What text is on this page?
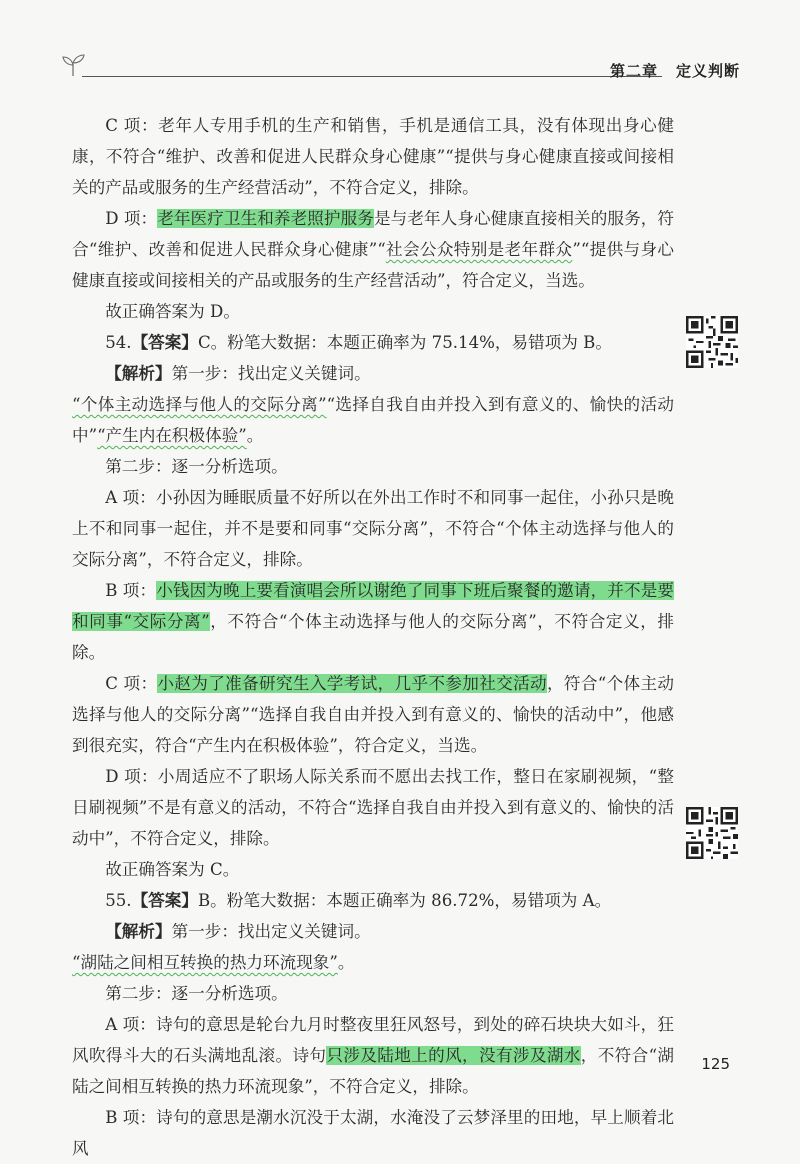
第二章 定义判断

C 项：老年人专用手机的生产和销售，手机是通信工具，没有体现出身心健康，不符合“维护、改善和促进人民群众身心健康”“提供与身心健康直接或间接相关的产品或服务的生产经营活动”，不符合定义，排除。

D 项：老年医疗卫生和养老照护服务是与老年人身心健康直接相关的服务，符合“维护、改善和促进人民群众身心健康”“社会公众特别是老年群众”“提供与身心健康直接或间接相关的产品或服务的生产经营活动”，符合定义，当选。

故正确答案为 D。

54.【答案】C。粉笔大数据：本题正确率为 75.14%，易错项为 B。

【解析】第一步：找出定义关键词。

“个体主动选择与他人的交际分离”“选择自我自由并投入到有意义的、愉快的活动中”“产生内在积极体验”。

第二步：逐一分析选项。

A 项：小孙因为睡眠质量不好所以在外出工作时不和同事一起住，小孙只是晚上不和同事一起住，并不是要和同事“交际分离”，不符合“个体主动选择与他人的交际分离”，不符合定义，排除。

B 项：小钱因为晚上要看演唱会所以谢绝了同事下班后聚餐的邀请，并不是要和同事“交际分离”，不符合“个体主动选择与他人的交际分离”，不符合定义，排除。

C 项：小赵为了准备研究生入学考试，几乎不参加社交活动，符合“个体主动选择与他人的交际分离”“选择自我自由并投入到有意义的、愉快的活动中”，他感到很充实，符合“产生内在积极体验”，符合定义，当选。

D 项：小周适应不了职场人际关系而不愿出去找工作，整日在家刷视频，“整日刷视频”不是有意义的活动，不符合“选择自我自由并投入到有意义的、愉快的活动中”，不符合定义，排除。

故正确答案为 C。

55.【答案】B。粉笔大数据：本题正确率为 86.72%，易错项为 A。

【解析】第一步：找出定义关键词。

“湖陆之间相互转换的热力环流现象”。

第二步：逐一分析选项。

A 项：诗句的意思是轮台九月时整夜里狂风怒号，到处的碎石块块大如斗，狂风吹得斗大的石头满地乱滚。诗句只涉及陆地上的风，没有涉及湖水，不符合“湖陆之间相互转换的热力环流现象”，不符合定义，排除。

B 项：诗句的意思是潮水沉没于太湖，水淹没了云梦泽里的田地，早上顺着北风

125
